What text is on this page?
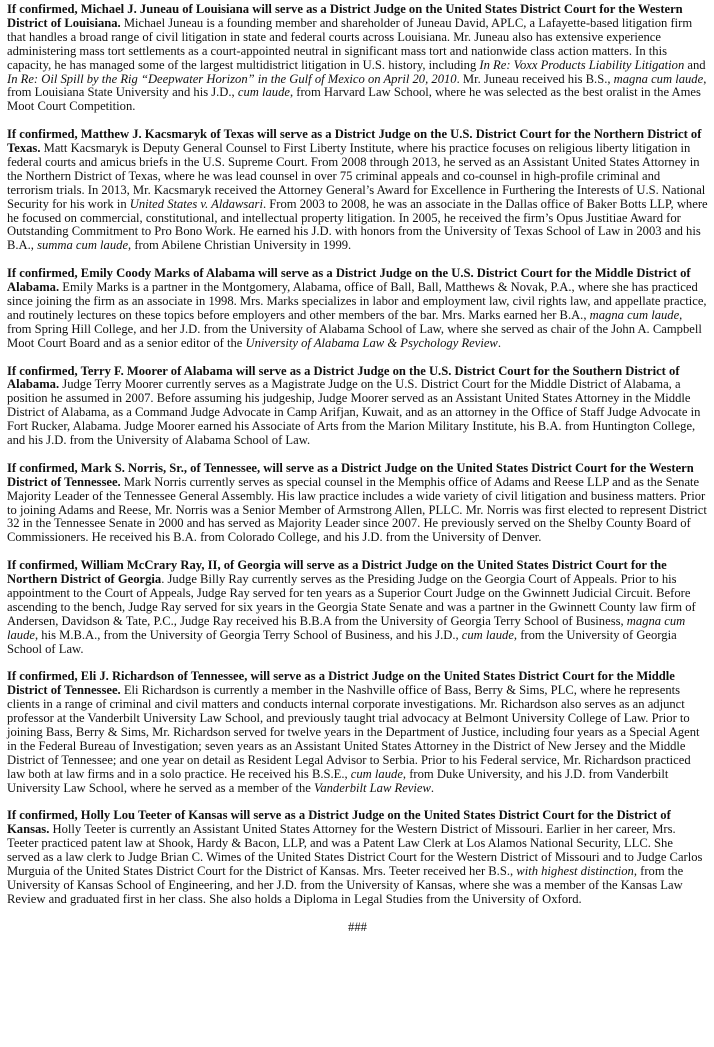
If confirmed, Michael J. Juneau of Louisiana will serve as a District Judge on the United States District Court for the Western District of Louisiana. Michael Juneau is a founding member and shareholder of Juneau David, APLC, a Lafayette-based litigation firm that handles a broad range of civil litigation in state and federal courts across Louisiana. Mr. Juneau also has extensive experience administering mass tort settlements as a court-appointed neutral in significant mass tort and nationwide class action matters. In this capacity, he has managed some of the largest multidistrict litigation in U.S. history, including In Re: Voxx Products Liability Litigation and In Re: Oil Spill by the Rig “Deepwater Horizon” in the Gulf of Mexico on April 20, 2010. Mr. Juneau received his B.S., magna cum laude, from Louisiana State University and his J.D., cum laude, from Harvard Law School, where he was selected as the best oralist in the Ames Moot Court Competition.

If confirmed, Matthew J. Kacsmaryk of Texas will serve as a District Judge on the U.S. District Court for the Northern District of Texas. Matt Kacsmaryk is Deputy General Counsel to First Liberty Institute, where his practice focuses on religious liberty litigation in federal courts and amicus briefs in the U.S. Supreme Court. From 2008 through 2013, he served as an Assistant United States Attorney in the Northern District of Texas, where he was lead counsel in over 75 criminal appeals and co-counsel in high-profile criminal and terrorism trials. In 2013, Mr. Kacsmaryk received the Attorney General’s Award for Excellence in Furthering the Interests of U.S. National Security for his work in United States v. Aldawsari. From 2003 to 2008, he was an associate in the Dallas office of Baker Botts LLP, where he focused on commercial, constitutional, and intellectual property litigation. In 2005, he received the firm’s Opus Justitiae Award for Outstanding Commitment to Pro Bono Work. He earned his J.D. with honors from the University of Texas School of Law in 2003 and his B.A., summa cum laude, from Abilene Christian University in 1999.

If confirmed, Emily Coody Marks of Alabama will serve as a District Judge on the U.S. District Court for the Middle District of Alabama. Emily Marks is a partner in the Montgomery, Alabama, office of Ball, Ball, Matthews & Novak, P.A., where she has practiced since joining the firm as an associate in 1998. Mrs. Marks specializes in labor and employment law, civil rights law, and appellate practice, and routinely lectures on these topics before employers and other members of the bar. Mrs. Marks earned her B.A., magna cum laude, from Spring Hill College, and her J.D. from the University of Alabama School of Law, where she served as chair of the John A. Campbell Moot Court Board and as a senior editor of the University of Alabama Law & Psychology Review.

If confirmed, Terry F. Moorer of Alabama will serve as a District Judge on the U.S. District Court for the Southern District of Alabama. Judge Terry Moorer currently serves as a Magistrate Judge on the U.S. District Court for the Middle District of Alabama, a position he assumed in 2007. Before assuming his judgeship, Judge Moorer served as an Assistant United States Attorney in the Middle District of Alabama, as a Command Judge Advocate in Camp Arifjan, Kuwait, and as an attorney in the Office of Staff Judge Advocate in Fort Rucker, Alabama. Judge Moorer earned his Associate of Arts from the Marion Military Institute, his B.A. from Huntington College, and his J.D. from the University of Alabama School of Law.

If confirmed, Mark S. Norris, Sr., of Tennessee, will serve as a District Judge on the United States District Court for the Western District of Tennessee. Mark Norris currently serves as special counsel in the Memphis office of Adams and Reese LLP and as the Senate Majority Leader of the Tennessee General Assembly. His law practice includes a wide variety of civil litigation and business matters. Prior to joining Adams and Reese, Mr. Norris was a Senior Member of Armstrong Allen, PLLC. Mr. Norris was first elected to represent District 32 in the Tennessee Senate in 2000 and has served as Majority Leader since 2007. He previously served on the Shelby County Board of Commissioners. He received his B.A. from Colorado College, and his J.D. from the University of Denver.

If confirmed, William McCrary Ray, II, of Georgia will serve as a District Judge on the United States District Court for the Northern District of Georgia. Judge Billy Ray currently serves as the Presiding Judge on the Georgia Court of Appeals. Prior to his appointment to the Court of Appeals, Judge Ray served for ten years as a Superior Court Judge on the Gwinnett Judicial Circuit. Before ascending to the bench, Judge Ray served for six years in the Georgia State Senate and was a partner in the Gwinnett County law firm of Andersen, Davidson & Tate, P.C., Judge Ray received his B.B.A from the University of Georgia Terry School of Business, magna cum laude, his M.B.A., from the University of Georgia Terry School of Business, and his J.D., cum laude, from the University of Georgia School of Law.

If confirmed, Eli J. Richardson of Tennessee, will serve as a District Judge on the United States District Court for the Middle District of Tennessee. Eli Richardson is currently a member in the Nashville office of Bass, Berry & Sims, PLC, where he represents clients in a range of criminal and civil matters and conducts internal corporate investigations. Mr. Richardson also serves as an adjunct professor at the Vanderbilt University Law School, and previously taught trial advocacy at Belmont University College of Law. Prior to joining Bass, Berry & Sims, Mr. Richardson served for twelve years in the Department of Justice, including four years as a Special Agent in the Federal Bureau of Investigation; seven years as an Assistant United States Attorney in the District of New Jersey and the Middle District of Tennessee; and one year on detail as Resident Legal Advisor to Serbia. Prior to his Federal service, Mr. Richardson practiced law both at law firms and in a solo practice. He received his B.S.E., cum laude, from Duke University, and his J.D. from Vanderbilt University Law School, where he served as a member of the Vanderbilt Law Review.

If confirmed, Holly Lou Teeter of Kansas will serve as a District Judge on the United States District Court for the District of Kansas. Holly Teeter is currently an Assistant United States Attorney for the Western District of Missouri. Earlier in her career, Mrs. Teeter practiced patent law at Shook, Hardy & Bacon, LLP, and was a Patent Law Clerk at Los Alamos National Security, LLC. She served as a law clerk to Judge Brian C. Wimes of the United States District Court for the Western District of Missouri and to Judge Carlos Murguia of the United States District Court for the District of Kansas. Mrs. Teeter received her B.S., with highest distinction, from the University of Kansas School of Engineering, and her J.D. from the University of Kansas, where she was a member of the Kansas Law Review and graduated first in her class. She also holds a Diploma in Legal Studies from the University of Oxford.

###
